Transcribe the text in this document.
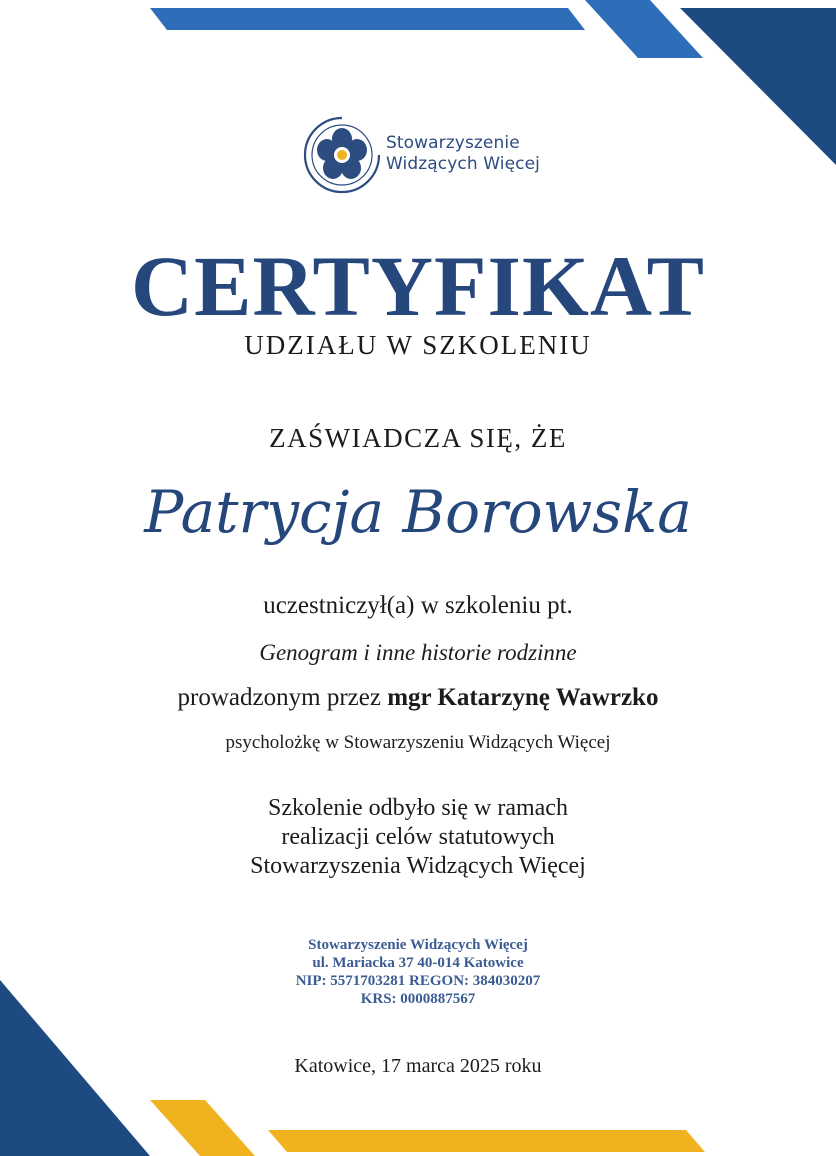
Stowarzyszenie
Widzących Więcej
CERTYFIKAT
UDZIAŁU W SZKOLENIU
ZAŚWIADCZA SIĘ, ŻE
Patrycja Borowska
uczestniczył(a) w szkoleniu pt.
Genogram i inne historie rodzinne
prowadzonym przez mgr Katarzynę Wawrzko
psycholożkę w Stowarzyszeniu Widzących Więcej
Szkolenie odbyło się w ramach
realizacji celów statutowych
Stowarzyszenia Widzących Więcej
Stowarzyszenie Widzących Więcej
ul. Mariacka 37 40-014 Katowice
NIP: 5571703281 REGON: 384030207
KRS: 0000887567
Katowice, 17 marca 2025 roku
